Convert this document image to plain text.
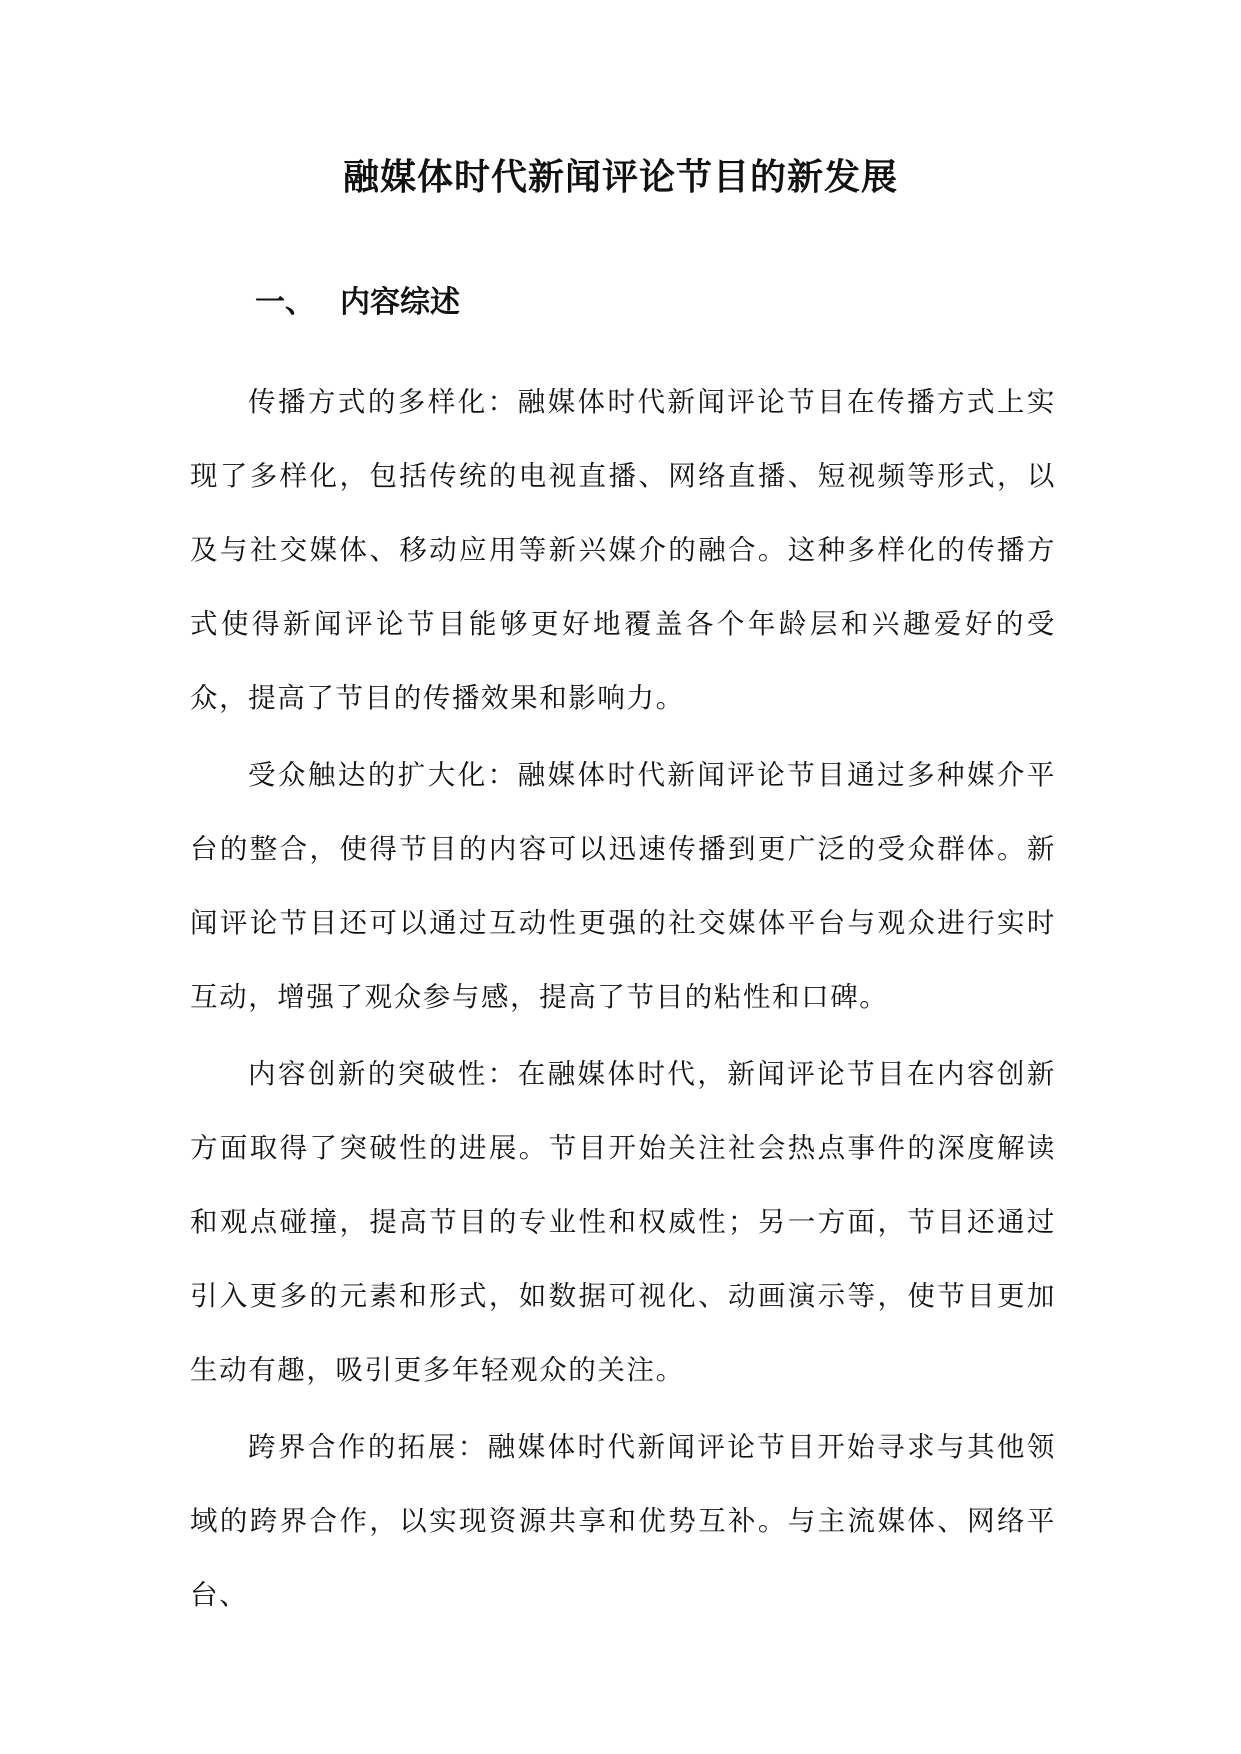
融媒体时代新闻评论节目的新发展
一、 内容综述

传播方式的多样化：融媒体时代新闻评论节目在传播方式上实现了多样化，包括传统的电视直播、网络直播、短视频等形式，以及与社交媒体、移动应用等新兴媒介的融合。这种多样化的传播方式使得新闻评论节目能够更好地覆盖各个年龄层和兴趣爱好的受众，提高了节目的传播效果和影响力。

受众触达的扩大化：融媒体时代新闻评论节目通过多种媒介平台的整合，使得节目的内容可以迅速传播到更广泛的受众群体。新闻评论节目还可以通过互动性更强的社交媒体平台与观众进行实时互动，增强了观众参与感，提高了节目的粘性和口碑。

内容创新的突破性：在融媒体时代，新闻评论节目在内容创新方面取得了突破性的进展。节目开始关注社会热点事件的深度解读和观点碰撞，提高节目的专业性和权威性；另一方面，节目还通过引入更多的元素和形式，如数据可视化、动画演示等，使节目更加生动有趣，吸引更多年轻观众的关注。

跨界合作的拓展：融媒体时代新闻评论节目开始寻求与其他领域的跨界合作，以实现资源共享和优势互补。与主流媒体、网络平台、
